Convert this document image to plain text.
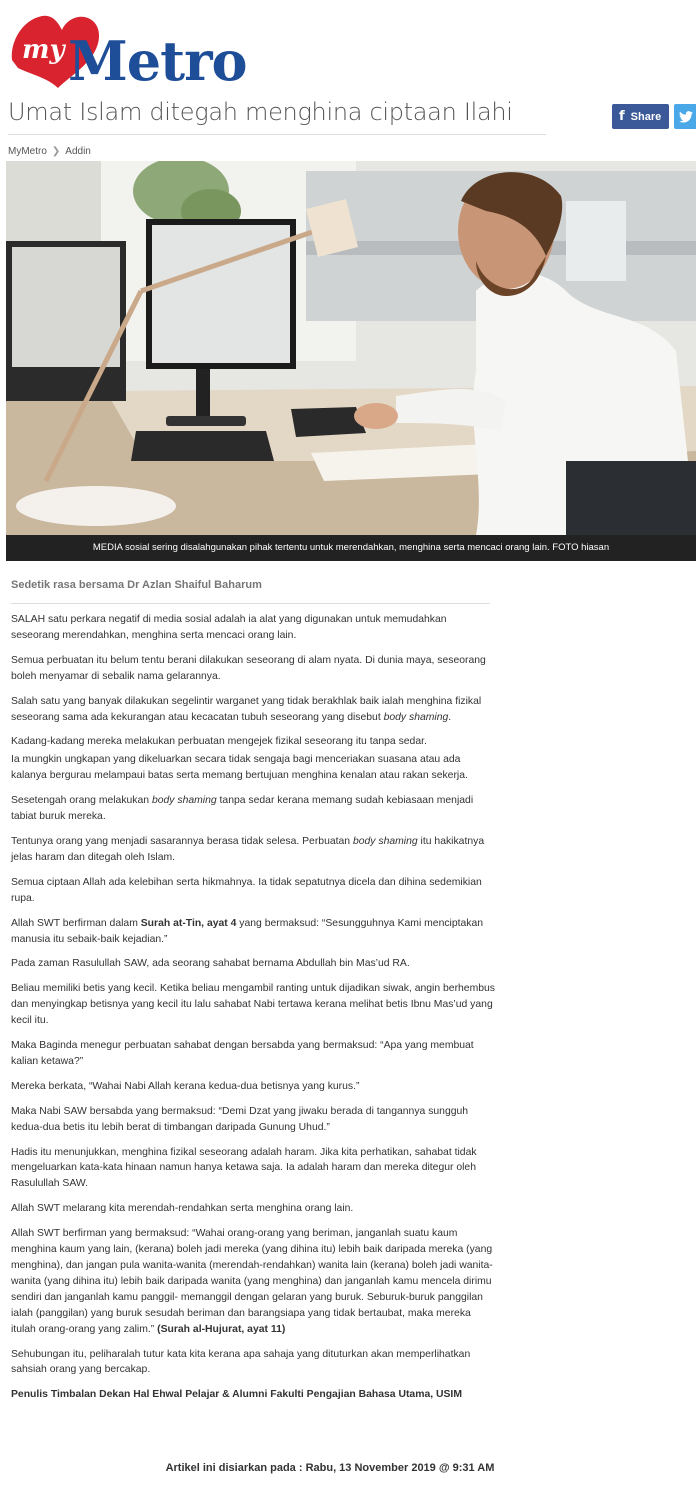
my Metro
Umat Islam ditegah menghina ciptaan Ilahi	f Share
MyMetro ❯ Addin
MEDIA sosial sering disalahgunakan pihak tertentu untuk merendahkan, menghina serta mencaci orang lain. FOTO hiasan
Sedetik rasa bersama Dr Azlan Shaiful Baharum

SALAH satu perkara negatif di media sosial adalah ia alat yang digunakan untuk memudahkan seseorang merendahkan, menghina serta mencaci orang lain.

Semua perbuatan itu belum tentu berani dilakukan seseorang di alam nyata. Di dunia maya, seseorang boleh menyamar di sebalik nama gelarannya.

Salah satu yang banyak dilakukan segelintir warganet yang tidak berakhlak baik ialah menghina fizikal seseorang sama ada kekurangan atau kecacatan tubuh seseorang yang disebut body shaming.

Kadang-kadang mereka melakukan perbuatan mengejek fizikal seseorang itu tanpa sedar.

Ia mungkin ungkapan yang dikeluarkan secara tidak sengaja bagi menceriakan suasana atau ada kalanya bergurau melampaui batas serta memang bertujuan menghina kenalan atau rakan sekerja.

Sesetengah orang melakukan body shaming tanpa sedar kerana memang sudah kebiasaan menjadi tabiat buruk mereka.

Tentunya orang yang menjadi sasarannya berasa tidak selesa. Perbuatan body shaming itu hakikatnya jelas haram dan ditegah oleh Islam.

Semua ciptaan Allah ada kelebihan serta hikmahnya. Ia tidak sepatutnya dicela dan dihina sedemikian rupa.

Allah SWT berfirman dalam Surah at-Tin, ayat 4 yang bermaksud: “Sesungguhnya Kami menciptakan manusia itu sebaik-baik kejadian.”

Pada zaman Rasulullah SAW, ada seorang sahabat bernama Abdullah bin Mas’ud RA.

Beliau memiliki betis yang kecil. Ketika beliau mengambil ranting untuk dijadikan siwak, angin berhembus dan menyingkap betisnya yang kecil itu lalu sahabat Nabi tertawa kerana melihat betis Ibnu Mas’ud yang kecil itu.

Maka Baginda menegur perbuatan sahabat dengan bersabda yang bermaksud: “Apa yang membuat kalian ketawa?”

Mereka berkata, “Wahai Nabi Allah kerana kedua-dua betisnya yang kurus.”

Maka Nabi SAW bersabda yang bermaksud: “Demi Dzat yang jiwaku berada di tangannya sungguh kedua-dua betis itu lebih berat di timbangan daripada Gunung Uhud.”

Hadis itu menunjukkan, menghina fizikal seseorang adalah haram. Jika kita perhatikan, sahabat tidak mengeluarkan kata-kata hinaan namun hanya ketawa saja. Ia adalah haram dan mereka ditegur oleh Rasulullah SAW.

Allah SWT melarang kita merendah-rendahkan serta menghina orang lain.

Allah SWT berfirman yang bermaksud: “Wahai orang-orang yang beriman, janganlah suatu kaum menghina kaum yang lain, (kerana) boleh jadi mereka (yang dihina itu) lebih baik daripada mereka (yang menghina), dan jangan pula wanita-wanita (merendah-rendahkan) wanita lain (kerana) boleh jadi wanita-wanita (yang dihina itu) lebih baik daripada wanita (yang menghina) dan janganlah kamu mencela dirimu sendiri dan janganlah kamu panggil- memanggil dengan gelaran yang buruk. Seburuk-buruk panggilan ialah (panggilan) yang buruk sesudah beriman dan barangsiapa yang tidak bertaubat, maka mereka itulah orang-orang yang zalim.” (Surah al-Hujurat, ayat 11)

Sehubungan itu, peliharalah tutur kata kita kerana apa sahaja yang dituturkan akan memperlihatkan sahsiah orang yang bercakap.

Penulis Timbalan Dekan Hal Ehwal Pelajar & Alumni Fakulti Pengajian Bahasa Utama, USIM

Artikel ini disiarkan pada : Rabu, 13 November 2019 @ 9:31 AM
